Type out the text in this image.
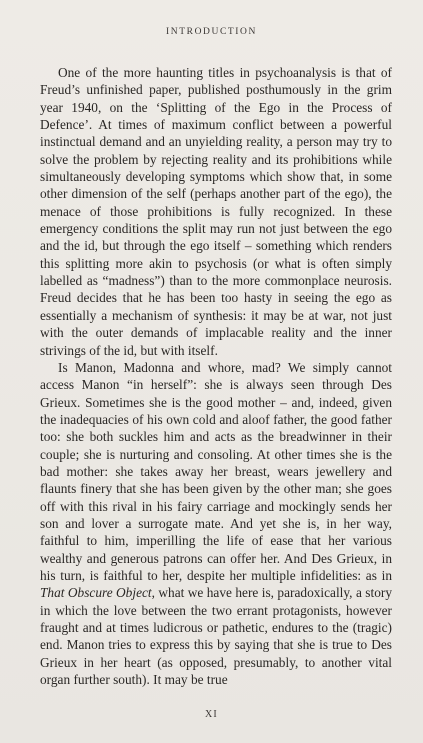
INTRODUCTION

One of the more haunting titles in psychoanalysis is that of Freud’s unfinished paper, published posthumously in the grim year 1940, on the ‘Splitting of the Ego in the Process of Defence’. At times of maximum conflict between a powerful instinctual demand and an unyielding reality, a person may try to solve the problem by rejecting reality and its prohibitions while simultaneously developing symptoms which show that, in some other dimension of the self (perhaps another part of the ego), the menace of those prohibitions is fully recognized. In these emergency conditions the split may run not just between the ego and the id, but through the ego itself – something which renders this splitting more akin to psychosis (or what is often simply labelled as “madness”) than to the more commonplace neurosis. Freud decides that he has been too hasty in seeing the ego as essentially a mechanism of synthesis: it may be at war, not just with the outer demands of implacable reality and the inner strivings of the id, but with itself.

Is Manon, Madonna and whore, mad? We simply cannot access Manon “in herself”: she is always seen through Des Grieux. Sometimes she is the good mother – and, indeed, given the inadequacies of his own cold and aloof father, the good father too: she both suckles him and acts as the breadwinner in their couple; she is nurturing and consoling. At other times she is the bad mother: she takes away her breast, wears jewellery and flaunts finery that she has been given by the other man; she goes off with this rival in his fairy carriage and mockingly sends her son and lover a surrogate mate. And yet she is, in her way, faithful to him, imperilling the life of ease that her various wealthy and generous patrons can offer her. And Des Grieux, in his turn, is faithful to her, despite her multiple infidelities: as in That Obscure Object, what we have here is, paradoxically, a story in which the love between the two errant protagonists, however fraught and at times ludicrous or pathetic, endures to the (tragic) end. Manon tries to express this by saying that she is true to Des Grieux in her heart (as opposed, presumably, to another vital organ further south). It may be true

XI
